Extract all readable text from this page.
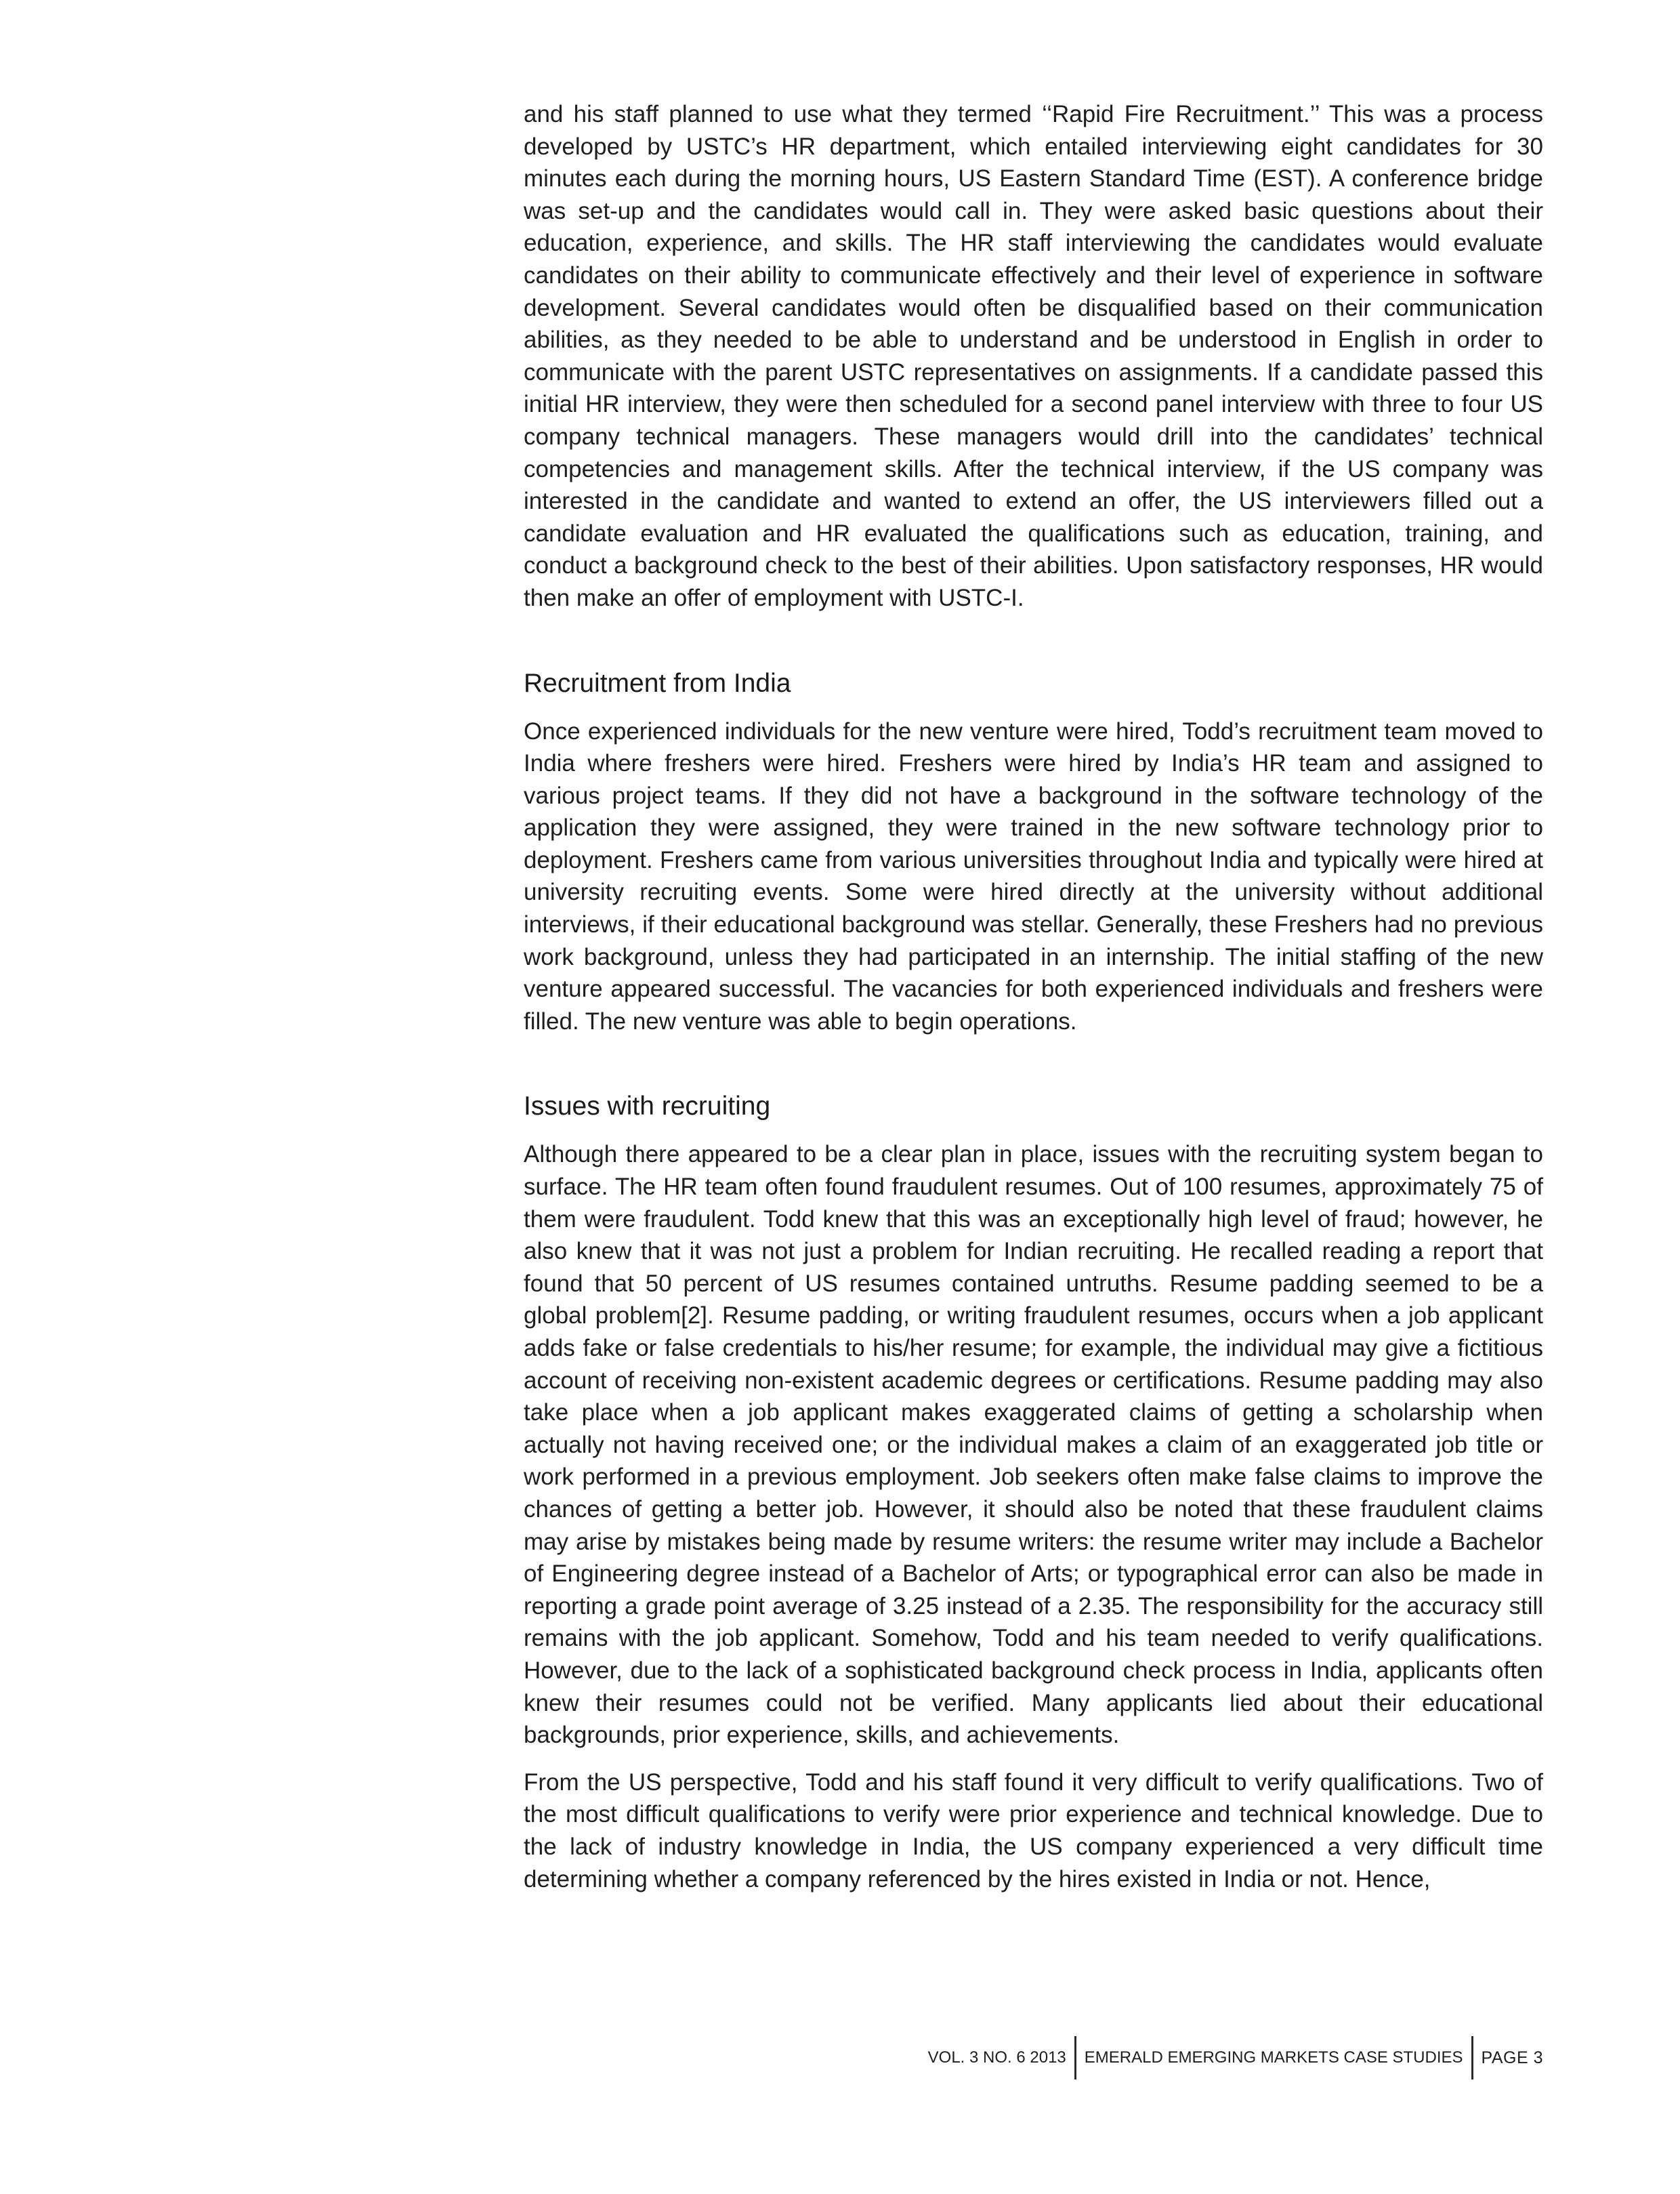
and his staff planned to use what they termed ‘‘Rapid Fire Recruitment.’’ This was a process developed by USTC’s HR department, which entailed interviewing eight candidates for 30 minutes each during the morning hours, US Eastern Standard Time (EST). A conference bridge was set-up and the candidates would call in. They were asked basic questions about their education, experience, and skills. The HR staff interviewing the candidates would evaluate candidates on their ability to communicate effectively and their level of experience in software development. Several candidates would often be disqualified based on their communication abilities, as they needed to be able to understand and be understood in English in order to communicate with the parent USTC representatives on assignments. If a candidate passed this initial HR interview, they were then scheduled for a second panel interview with three to four US company technical managers. These managers would drill into the candidates’ technical competencies and management skills. After the technical interview, if the US company was interested in the candidate and wanted to extend an offer, the US interviewers filled out a candidate evaluation and HR evaluated the qualifications such as education, training, and conduct a background check to the best of their abilities. Upon satisfactory responses, HR would then make an offer of employment with USTC-I.

Recruitment from India

Once experienced individuals for the new venture were hired, Todd’s recruitment team moved to India where freshers were hired. Freshers were hired by India’s HR team and assigned to various project teams. If they did not have a background in the software technology of the application they were assigned, they were trained in the new software technology prior to deployment. Freshers came from various universities throughout India and typically were hired at university recruiting events. Some were hired directly at the university without additional interviews, if their educational background was stellar. Generally, these Freshers had no previous work background, unless they had participated in an internship. The initial staffing of the new venture appeared successful. The vacancies for both experienced individuals and freshers were filled. The new venture was able to begin operations.

Issues with recruiting

Although there appeared to be a clear plan in place, issues with the recruiting system began to surface. The HR team often found fraudulent resumes. Out of 100 resumes, approximately 75 of them were fraudulent. Todd knew that this was an exceptionally high level of fraud; however, he also knew that it was not just a problem for Indian recruiting. He recalled reading a report that found that 50 percent of US resumes contained untruths. Resume padding seemed to be a global problem[2]. Resume padding, or writing fraudulent resumes, occurs when a job applicant adds fake or false credentials to his/her resume; for example, the individual may give a fictitious account of receiving non-existent academic degrees or certifications. Resume padding may also take place when a job applicant makes exaggerated claims of getting a scholarship when actually not having received one; or the individual makes a claim of an exaggerated job title or work performed in a previous employment. Job seekers often make false claims to improve the chances of getting a better job. However, it should also be noted that these fraudulent claims may arise by mistakes being made by resume writers: the resume writer may include a Bachelor of Engineering degree instead of a Bachelor of Arts; or typographical error can also be made in reporting a grade point average of 3.25 instead of a 2.35. The responsibility for the accuracy still remains with the job applicant. Somehow, Todd and his team needed to verify qualifications. However, due to the lack of a sophisticated background check process in India, applicants often knew their resumes could not be verified. Many applicants lied about their educational backgrounds, prior experience, skills, and achievements.

From the US perspective, Todd and his staff found it very difficult to verify qualifications. Two of the most difficult qualifications to verify were prior experience and technical knowledge. Due to the lack of industry knowledge in India, the US company experienced a very difficult time determining whether a company referenced by the hires existed in India or not. Hence,

VOL. 3 NO. 6 2013 EMERALD EMERGING MARKETS CASE STUDIES PAGE 3
